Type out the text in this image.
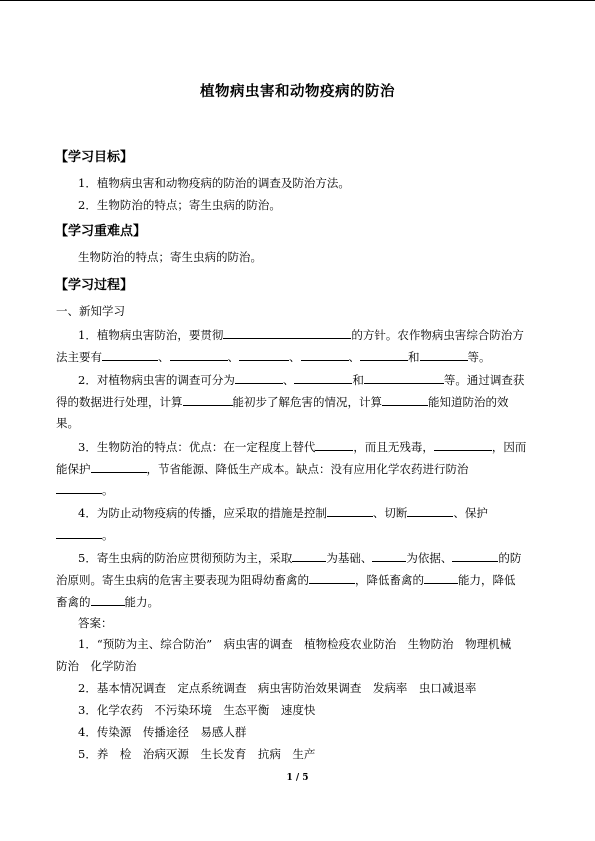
植物病虫害和动物疫病的防治
【学习目标】
1．植物病虫害和动物疫病的防治的调查及防治方法。
2．生物防治的特点；寄生虫病的防治。
【学习重难点】
生物防治的特点；寄生虫病的防治。
【学习过程】
一、新知学习
1．植物病虫害防治，要贯彻	的方针。农作物病虫害综合防治方
法主要有	、	、	、	、	和	等。
2．对植物病虫害的调查可分为	、	和	等。通过调查获
得的数据进行处理，计算	能初步了解危害的情况，计算	能知道防治的效
果。
3．生物防治的特点：优点：在一定程度上替代	，而且无残毒，	，因而
能保护	，节省能源、降低生产成本。缺点：没有应用化学农药进行防治
。
4．为防止动物疫病的传播，应采取的措施是控制	、切断	、保护
。
5．寄生虫病的防治应贯彻预防为主，采取	为基础、	为依据、	的防
治原则。寄生虫病的危害主要表现为阻碍幼畜禽的	，降低畜禽的	能力，降低
畜禽的	能力。
答案：
1．“预防为主、综合防治”　病虫害的调查　植物检疫农业防治　生物防治　物理机械
防治　化学防治
2．基本情况调查　定点系统调查　病虫害防治效果调查　发病率　虫口减退率
3．化学农药　不污染环境　生态平衡　速度快
4．传染源　传播途径　易感人群
5．养　检　治病灭源　生长发育　抗病　生产
1 / 5
